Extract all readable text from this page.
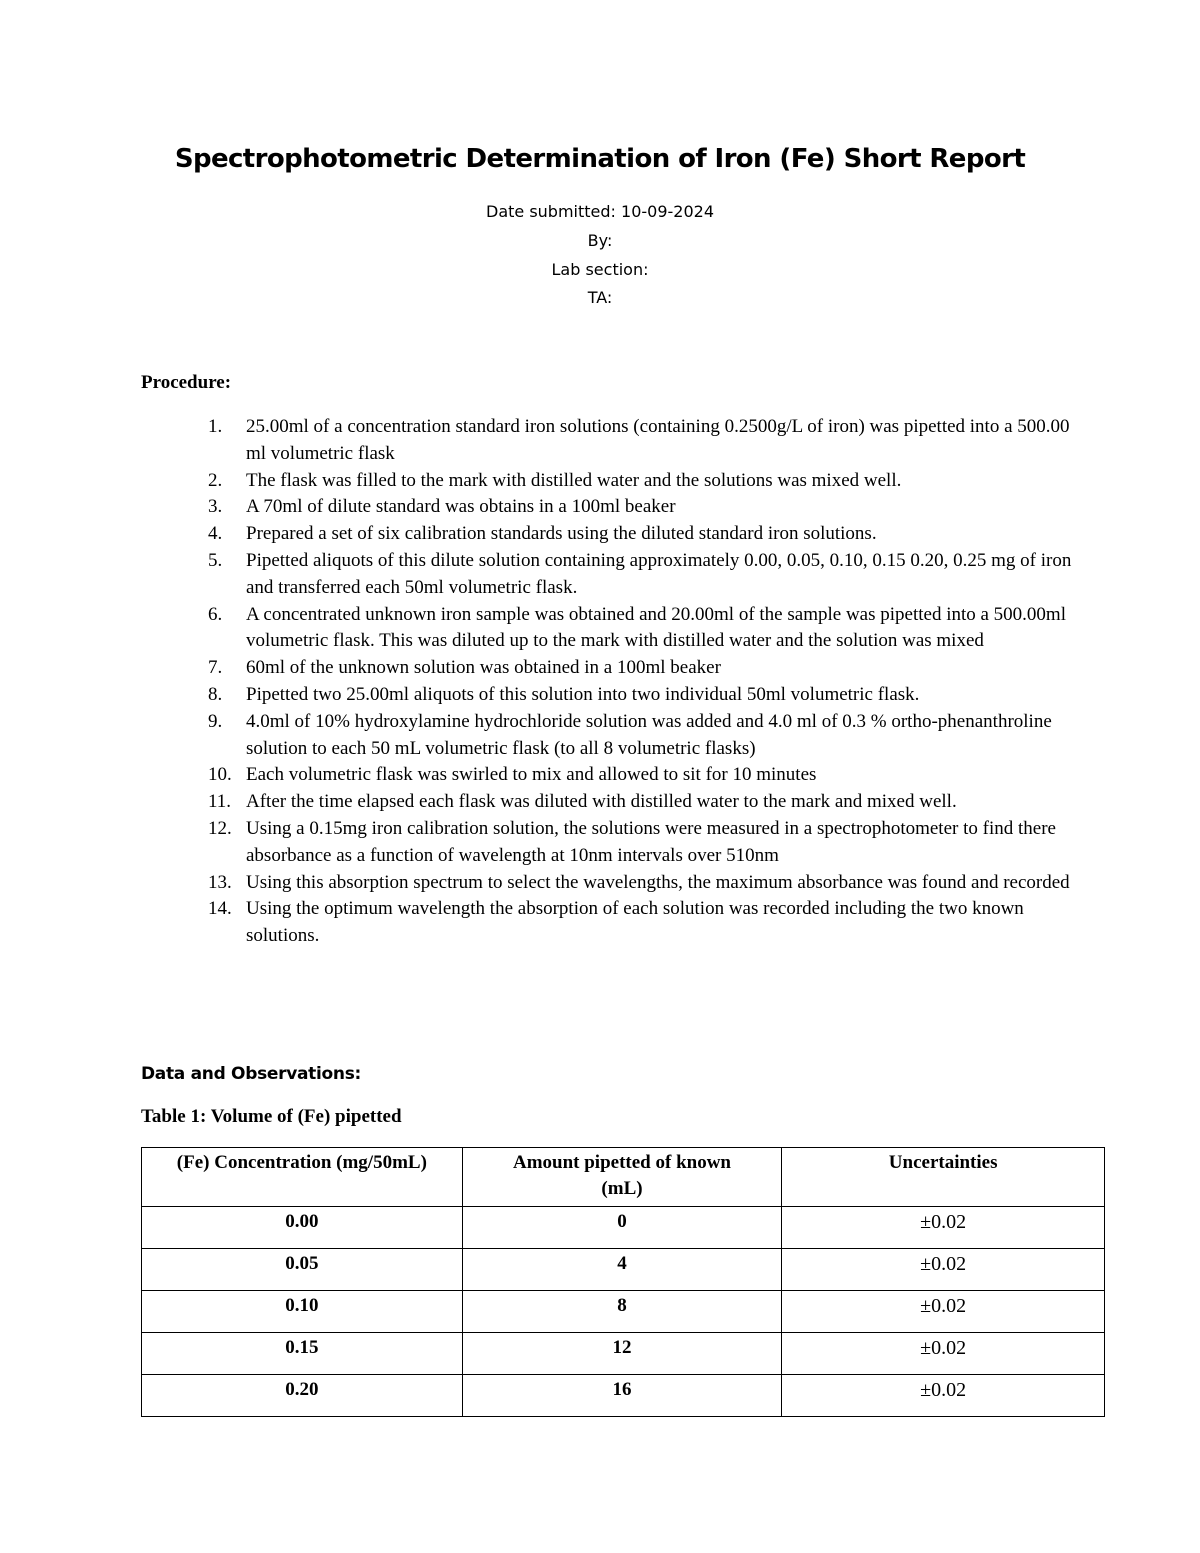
Spectrophotometric Determination of Iron (Fe) Short Report
Date submitted: 10-09-2024
By:
Lab section:
TA:
Procedure:
1. 25.00ml of a concentration standard iron solutions (containing 0.2500g/L of iron) was pipetted into a 500.00 ml volumetric flask
2. The flask was filled to the mark with distilled water and the solutions was mixed well.
3. A 70ml of dilute standard was obtains in a 100ml beaker
4. Prepared a set of six calibration standards using the diluted standard iron solutions.
5. Pipetted aliquots of this dilute solution containing approximately 0.00, 0.05, 0.10, 0.15 0.20, 0.25 mg of iron and transferred each 50ml volumetric flask.
6. A concentrated unknown iron sample was obtained and 20.00ml of the sample was pipetted into a 500.00ml volumetric flask. This was diluted up to the mark with distilled water and the solution was mixed
7. 60ml of the unknown solution was obtained in a 100ml beaker
8. Pipetted two 25.00ml aliquots of this solution into two individual 50ml volumetric flask.
9. 4.0ml of 10% hydroxylamine hydrochloride solution was added and 4.0 ml of 0.3 % ortho-phenanthroline solution to each 50 mL volumetric flask (to all 8 volumetric flasks)
10. Each volumetric flask was swirled to mix and allowed to sit for 10 minutes
11. After the time elapsed each flask was diluted with distilled water to the mark and mixed well.
12. Using a 0.15mg iron calibration solution, the solutions were measured in a spectrophotometer to find there absorbance as a function of wavelength at 10nm intervals over 510nm
13. Using this absorption spectrum to select the wavelengths, the maximum absorbance was found and recorded
14. Using the optimum wavelength the absorption of each solution was recorded including the two known solutions.
Data and Observations:
Table 1: Volume of (Fe) pipetted
(Fe) Concentration (mg/50mL)	Amount pipetted of known (mL)	Uncertainties
0.00	0	±0.02
0.05	4	±0.02
0.10	8	±0.02
0.15	12	±0.02
0.20	16	±0.02
